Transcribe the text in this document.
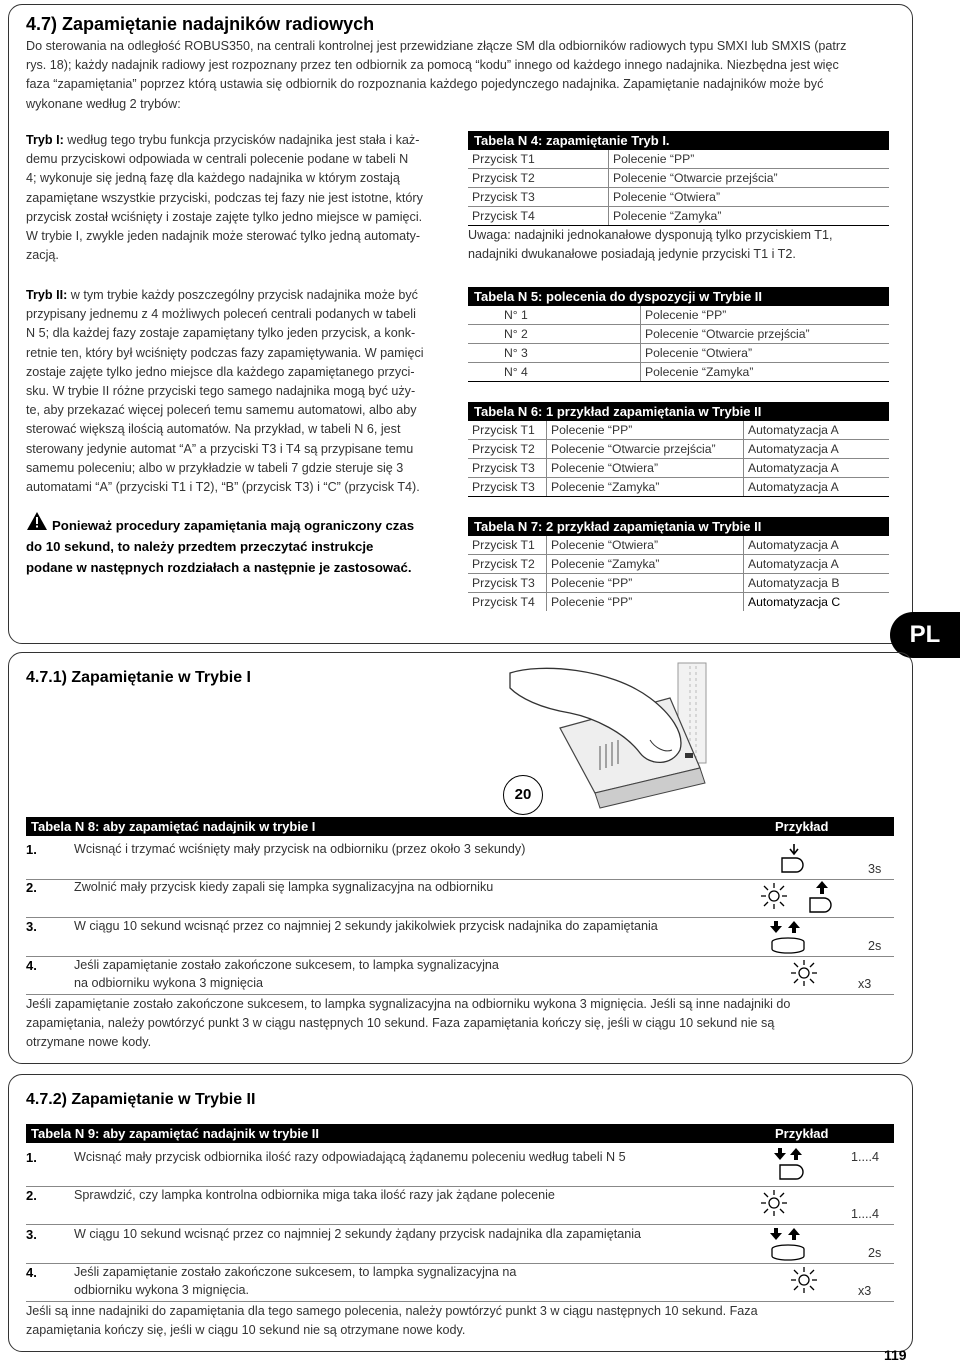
4.7) Zapamiętanie nadajników radiowych
Do sterowania na odległość ROBUS350, na centrali kontrolnej jest przewidziane złącze SM dla odbiorników radiowych typu SMXI lub SMXIS (patrz
rys. 18); każdy nadajnik radiowy jest rozpoznany przez ten odbiornik za pomocą “kodu” innego od każdego innego nadajnika. Niezbędna jest więc
faza “zapamiętania” poprzez którą ustawia się odbiornik do rozpoznania każdego pojedynczego nadajnika. Zapamiętanie nadajników może być
wykonane według 2 trybów:
Tryb I: według tego trybu funkcja przycisków nadajnika jest stała i każ-
demu przyciskowi odpowiada w centrali polecenie podane w tabeli N
4; wykonuje się jedną fazę dla każdego nadajnika w którym zostają
zapamiętane wszystkie przyciski, podczas tej fazy nie jest istotne, który
przycisk został wciśnięty i zostaje zajęte tylko jedno miejsce w pamięci.
W trybie I, zwykle jeden nadajnik może sterować tylko jedną automaty-
zacją.
Tryb II: w tym trybie każdy poszczególny przycisk nadajnika może być
przypisany jednemu z 4 możliwych poleceń centrali podanych w tabeli
N 5; dla każdej fazy zostaje zapamiętany tylko jeden przycisk, a konk-
retnie ten, który był wciśnięty podczas fazy zapamiętywania. W pamięci
zostaje zajęte tylko jedno miejsce dla każdego zapamiętanego przyci-
sku. W trybie II różne przyciski tego samego nadajnika mogą być uży-
te, aby przekazać więcej poleceń temu samemu automatowi, albo aby
sterować większą ilością automatów. Na przykład, w tabeli N 6, jest
sterowany jedynie automat “A” a przyciski T3 i T4 są przypisane temu
samemu poleceniu; albo w przykładzie w tabeli 7 gdzie steruje się 3
automatami “A” (przyciski T1 i T2), “B” (przycisk T3) i “C” (przycisk T4).
Ponieważ procedury zapamiętania mają ograniczony czas
do 10 sekund, to należy przedtem przeczytać instrukcje
podane w następnych rozdziałach a następnie je zastosować.
Tabela N 4: zapamiętanie Tryb I.
Przycisk T1	Polecenie “PP”
Przycisk T2	Polecenie “Otwarcie przejścia”
Przycisk T3	Polecenie “Otwiera”
Przycisk T4	Polecenie “Zamyka”
Uwaga: nadajniki jednokanałowe dysponują tylko przyciskiem T1,
nadajniki dwukanałowe posiadają jedynie przyciski T1 i T2.
Tabela N 5: polecenia do dyspozycji w Trybie II
N° 1	Polecenie “PP”
N° 2	Polecenie “Otwarcie przejścia”
N° 3	Polecenie “Otwiera”
N° 4	Polecenie “Zamyka”
Tabela N 6: 1 przykład zapamiętania w Trybie II
Przycisk T1	Polecenie “PP”	Automatyzacja A
Przycisk T2	Polecenie “Otwarcie przejścia”	Automatyzacja A
Przycisk T3	Polecenie “Otwiera”	Automatyzacja A
Przycisk T3	Polecenie “Zamyka”	Automatyzacja A
Tabela N 7: 2 przykład zapamiętania w Trybie II
Przycisk T1	Polecenie “Otwiera”	Automatyzacja A
Przycisk T2	Polecenie “Zamyka”	Automatyzacja A
Przycisk T3	Polecenie “PP”	Automatyzacja B
Przycisk T4	Polecenie “PP”	Automatyzacja C
PL
4.7.1) Zapamiętanie w Trybie I
20
Tabela N 8: aby zapamiętać nadajnik w trybie I	Przykład
1.	Wcisnąć i trzymać wciśnięty mały przycisk na odbiorniku (przez około 3 sekundy)
3s
2.	Zwolnić mały przycisk kiedy zapali się lampka sygnalizacyjna na odbiorniku
3.	W ciągu 10 sekund wcisnąć przez co najmniej 2 sekundy jakikolwiek przycisk nadajnika do zapamiętania
2s
4.	Jeśli zapamiętanie zostało zakończone sukcesem, to lampka sygnalizacyjna
na odbiorniku wykona 3 mignięcia	x3
Jeśli zapamiętanie zostało zakończone sukcesem, to lampka sygnalizacyjna na odbiorniku wykona 3 mignięcia. Jeśli są inne nadajniki do
zapamiętania, należy powtórzyć punkt 3 w ciągu następnych 10 sekund. Faza zapamiętania kończy się, jeśli w ciągu 10 sekund nie są
otrzymane nowe kody.
4.7.2) Zapamiętanie w Trybie II
Tabela N 9: aby zapamiętać nadajnik w trybie II	Przykład
1.	Wcisnąć mały przycisk odbiornika ilość razy odpowiadającą żądanemu poleceniu według tabeli N 5	1....4
2.	Sprawdzić, czy lampka kontrolna odbiornika miga taka ilość razy jak żądane polecenie
1....4
3.	W ciągu 10 sekund wcisnąć przez co najmniej 2 sekundy żądany przycisk nadajnika dla zapamiętania
2s
4.	Jeśli zapamiętanie zostało zakończone sukcesem, to lampka sygnalizacyjna na
odbiorniku wykona 3 mignięcia.	x3
Jeśli są inne nadajniki do zapamiętania dla tego samego polecenia, należy powtórzyć punkt 3 w ciągu następnych 10 sekund. Faza
zapamiętania kończy się, jeśli w ciągu 10 sekund nie są otrzymane nowe kody.
119
